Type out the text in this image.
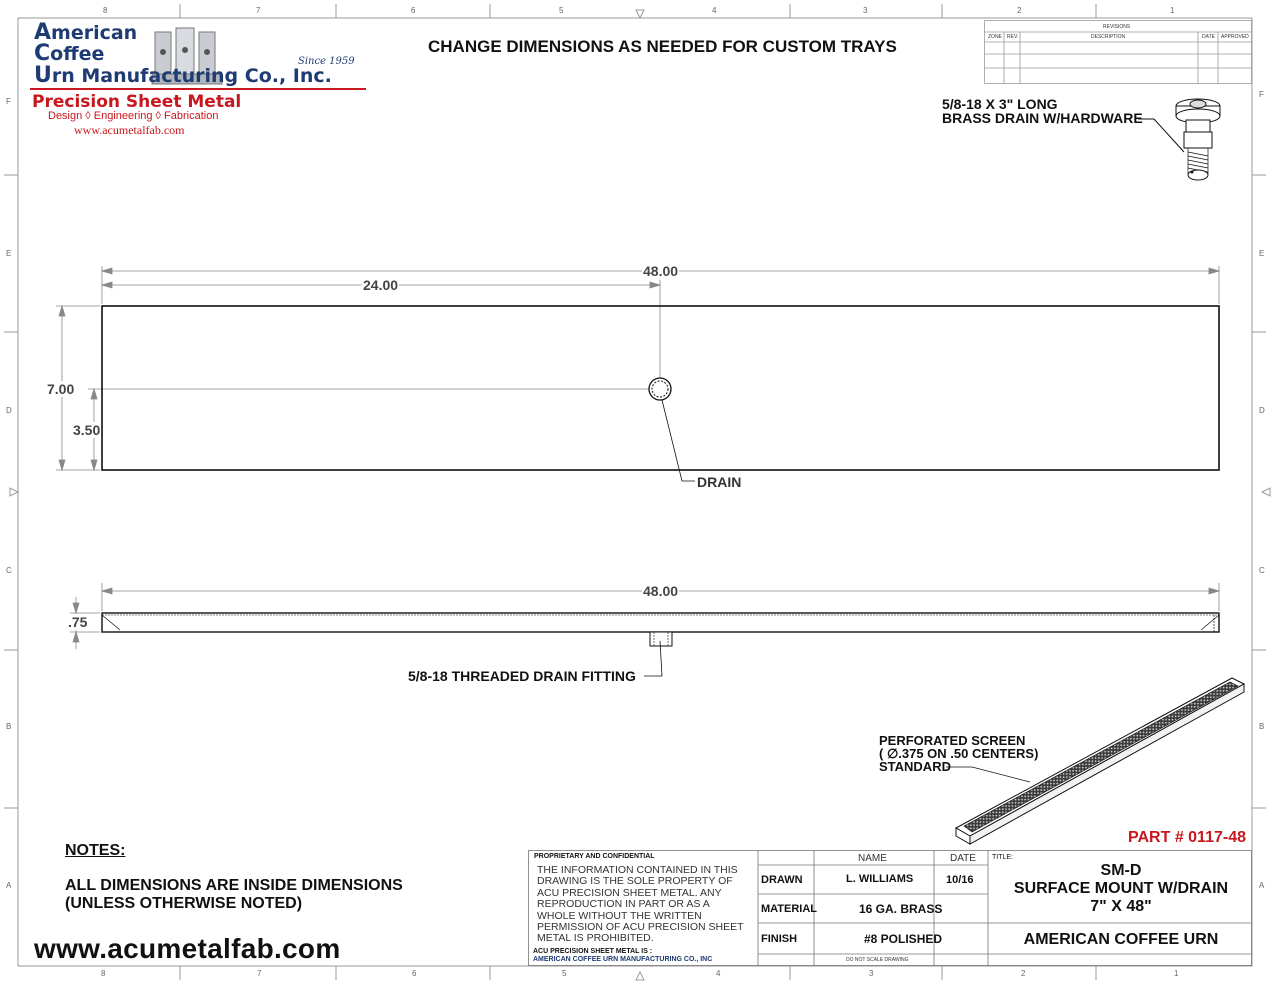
8	7	6	5	4	3	2	1
8	7	6	5	4	3	2	1
F
E
D
C
B
A
F
E
D
C
B
A
American
Coffee
Urn Manufacturing Co., Inc.
Since 1959
Precision Sheet Metal
Design ◊ Engineering ◊ Fabrication
www.acumetalfab.com
CHANGE DIMENSIONS AS NEEDED FOR CUSTOM TRAYS
REVISIONS
ZONE REV.	DESCRIPTION	DATE APPROVED
5/8-18 X 3" LONG
BRASS DRAIN W/HARDWARE
48.00
24.00
7.00
3.50
DRAIN
48.00
.75
5/8-18 THREADED DRAIN FITTING
PERFORATED SCREEN
( ∅.375 ON .50 CENTERS)
STANDARD
PART # 0117-48
NOTES:
ALL DIMENSIONS ARE INSIDE DIMENSIONS
(UNLESS OTHERWISE NOTED)
www.acumetalfab.com
PROPRIETARY AND CONFIDENTIAL
THE INFORMATION CONTAINED IN THIS DRAWING IS THE SOLE PROPERTY OF ACU PRECISION SHEET METAL. ANY REPRODUCTION IN PART OR AS A WHOLE WITHOUT THE WRITTEN PERMISSION OF ACU PRECISION SHEET METAL IS PROHIBITED.
ACU PRECISION SHEET METAL IS :
AMERICAN COFFEE URN MANUFACTURING CO., INC
NAME	DATE
DRAWN	L. WILLIAMS	10/16
MATERIAL	16 GA. BRASS
FINISH	#8 POLISHED
DO NOT SCALE DRAWING
TITLE:
SM-D
SURFACE MOUNT W/DRAIN
7" X 48"
AMERICAN COFFEE URN
